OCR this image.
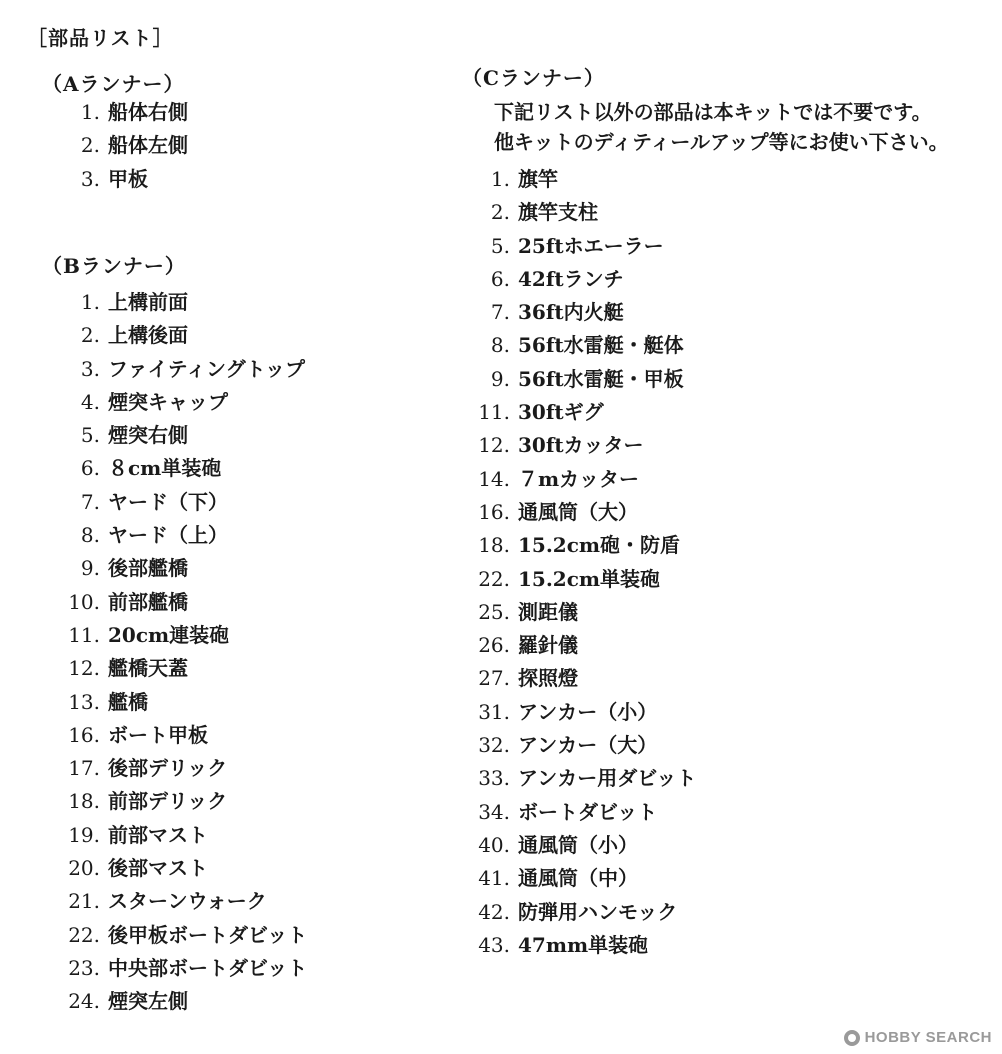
［部品リスト］
（Aランナー）
1. 船体右側
2. 船体左側
3. 甲板
（Bランナー）
1. 上構前面
2. 上構後面
3. ファイティングトップ
4. 煙突キャップ
5. 煙突右側
6. ８cm単装砲
7. ヤード（下）
8. ヤード（上）
9. 後部艦橋
10. 前部艦橋
11. 20cm連装砲
12. 艦橋天蓋
13. 艦橋
16. ボート甲板
17. 後部デリック
18. 前部デリック
19. 前部マスト
20. 後部マスト
21. スターンウォーク
22. 後甲板ボートダビット
23. 中央部ボートダビット
24. 煙突左側
（Cランナー）
下記リスト以外の部品は本キットでは不要です。
他キットのディティールアップ等にお使い下さい。
1. 旗竿
2. 旗竿支柱
5. 25ftホエーラー
6. 42ftランチ
7. 36ft内火艇
8. 56ft水雷艇・艇体
9. 56ft水雷艇・甲板
11. 30ftギグ
12. 30ftカッター
14. ７mカッター
16. 通風筒（大）
18. 15.2cm砲・防盾
22. 15.2cm単装砲
25. 測距儀
26. 羅針儀
27. 探照燈
31. アンカー（小）
32. アンカー（大）
33. アンカー用ダビット
34. ボートダビット
40. 通風筒（小）
41. 通風筒（中）
42. 防弾用ハンモック
43. 47mm単装砲
HOBBY SEARCH
